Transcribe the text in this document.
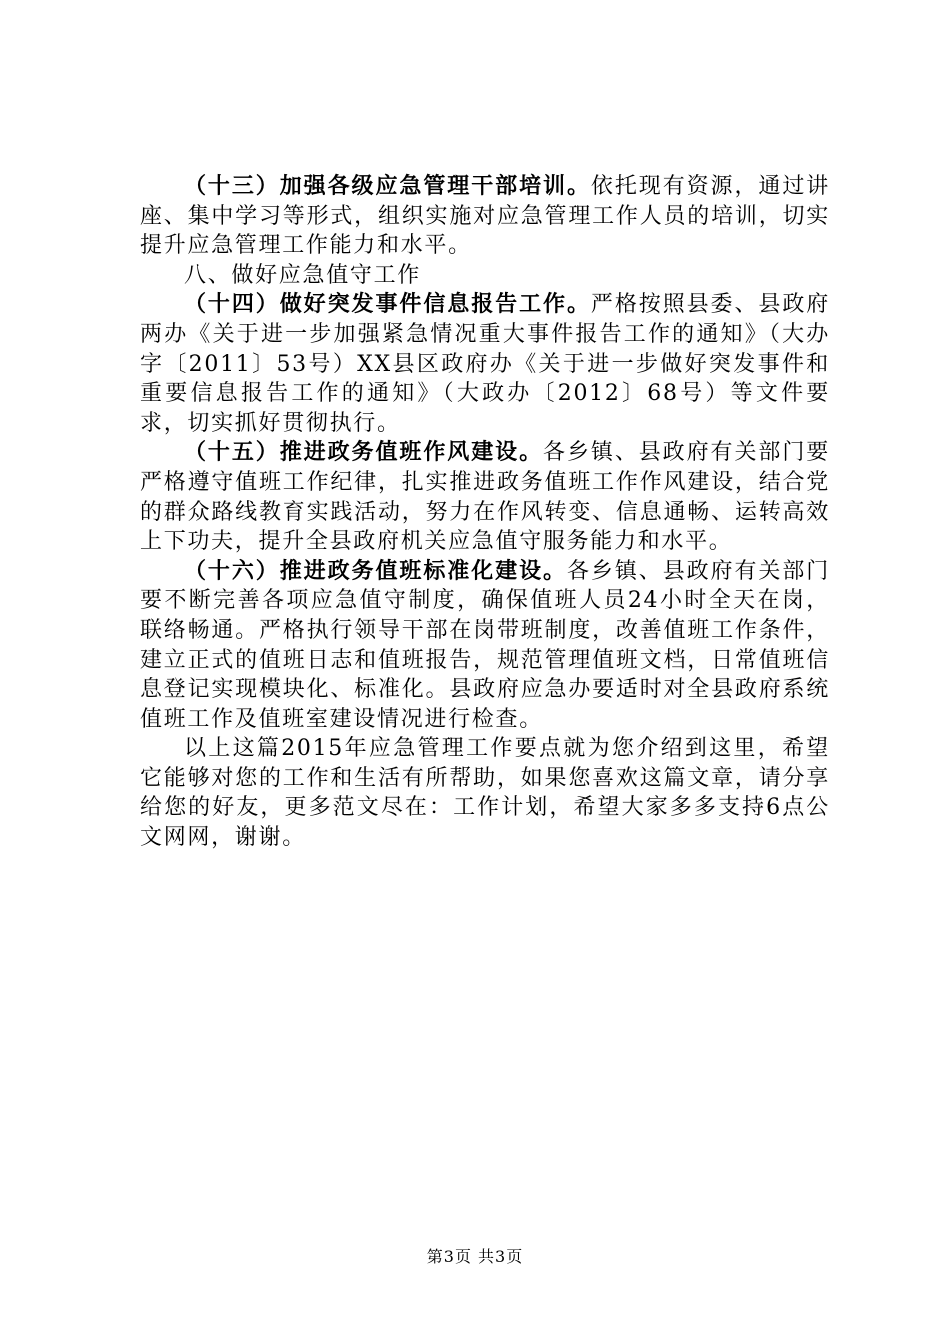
（十三）加强各级应急管理干部培训。依托现有资源，通过讲座、集中学习等形式，组织实施对应急管理工作人员的培训，切实提升应急管理工作能力和水平。

八、做好应急值守工作

（十四）做好突发事件信息报告工作。严格按照县委、县政府两办《关于进一步加强紧急情况重大事件报告工作的通知》（大办字〔2011〕53号）XX县区政府办《关于进一步做好突发事件和重要信息报告工作的通知》（大政办〔2012〕68号）等文件要求，切实抓好贯彻执行。

（十五）推进政务值班作风建设。各乡镇、县政府有关部门要严格遵守值班工作纪律，扎实推进政务值班工作作风建设，结合党的群众路线教育实践活动，努力在作风转变、信息通畅、运转高效上下功夫，提升全县政府机关应急值守服务能力和水平。

（十六）推进政务值班标准化建设。各乡镇、县政府有关部门要不断完善各项应急值守制度，确保值班人员24小时全天在岗，联络畅通。严格执行领导干部在岗带班制度，改善值班工作条件，建立正式的值班日志和值班报告，规范管理值班文档，日常值班信息登记实现模块化、标准化。县政府应急办要适时对全县政府系统值班工作及值班室建设情况进行检查。

以上这篇2015年应急管理工作要点就为您介绍到这里，希望它能够对您的工作和生活有所帮助，如果您喜欢这篇文章，请分享给您的好友，更多范文尽在：工作计划，希望大家多多支持6点公文网网，谢谢。

第3页 共3页
